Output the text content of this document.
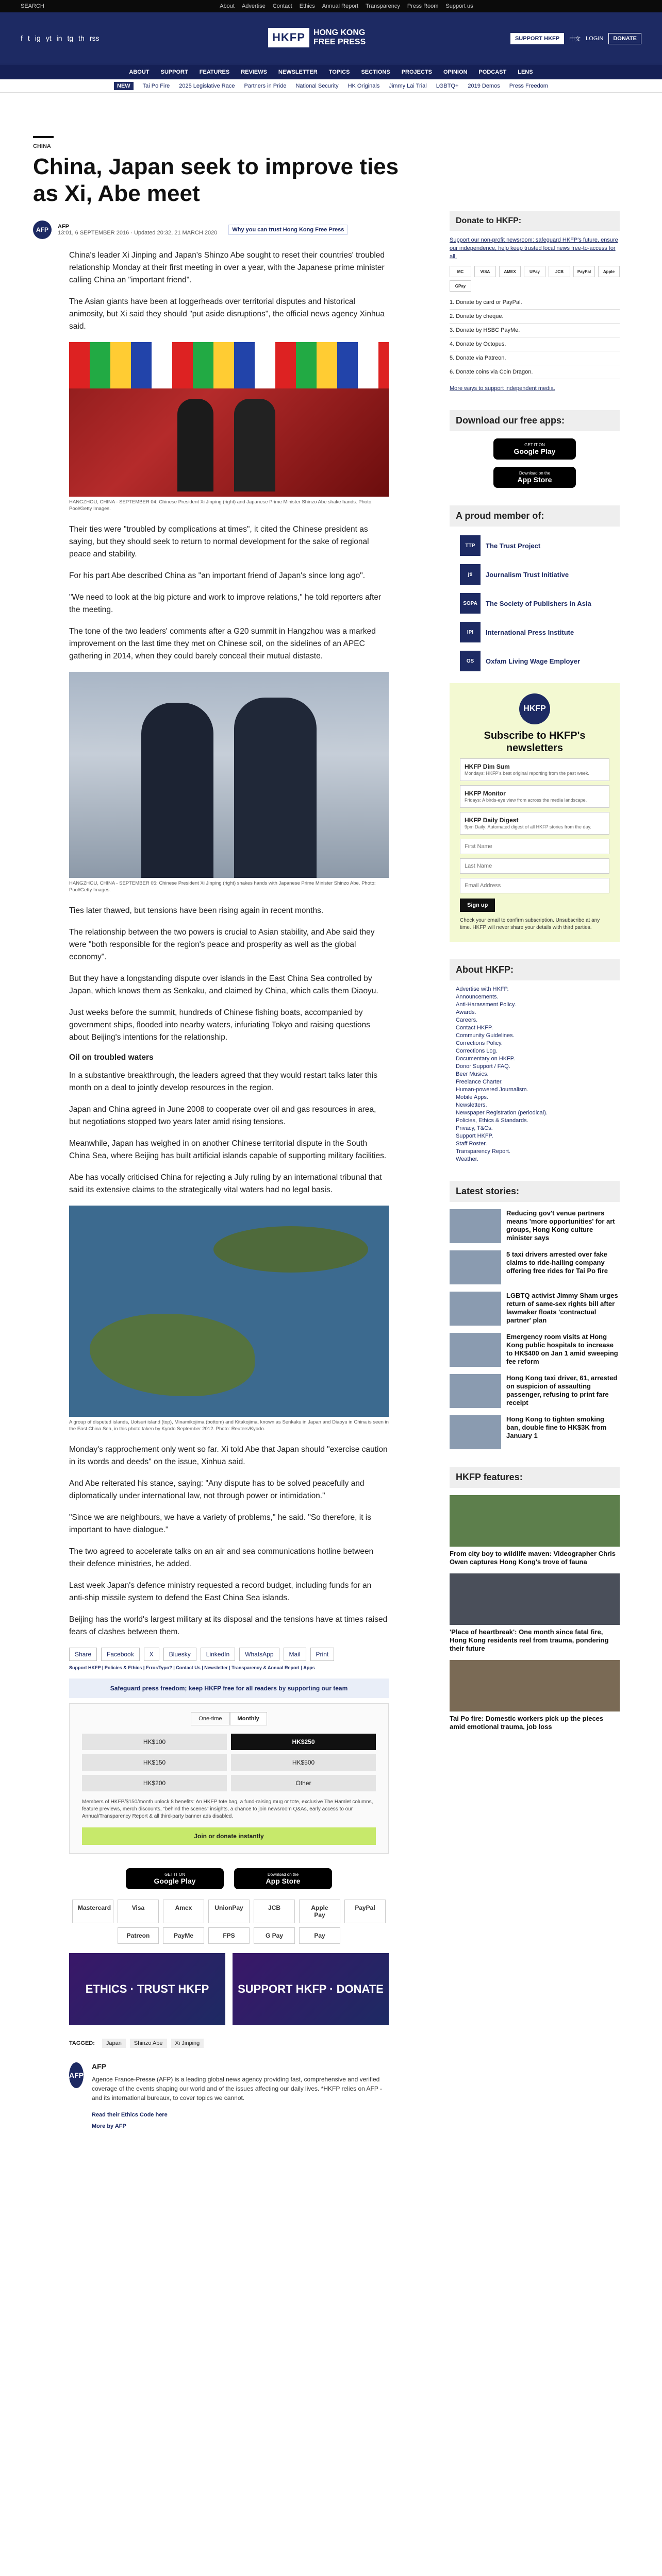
SEARCH	About Advertise Contact Ethics Annual Report Transparency Press Room Support us
f t ig yt in tg th rss	HKFP	HONG KONG
FREE PRESS	SUPPORT HKFP	中文 LOGIN	DONATE
ABOUT SUPPORT FEATURES REVIEWS NEWSLETTER TOPICS SECTIONS PROJECTS OPINION PODCAST LENS
NEW	Tai Po Fire 2025 Legislative Race Partners in Pride National Security HK Originals Jimmy Lai Trial LGBTQ+ 2019 Demos Press Freedom
CHINA
China, Japan seek to improve ties as Xi, Abe meet
AFP	AFP
13:01, 6 SEPTEMBER 2016 · Updated 20:32, 21 MARCH 2020	Why you can trust Hong Kong Free Press

China's leader Xi Jinping and Japan's Shinzo Abe sought to reset their countries' troubled relationship Monday at their first meeting in over a year, with the Japanese prime minister calling China an "important friend".

The Asian giants have been at loggerheads over territorial disputes and historical animosity, but Xi said they should "put aside disruptions", the official news agency Xinhua said.

HANGZHOU, CHINA - SEPTEMBER 04: Chinese President Xi Jinping (right) and Japanese Prime Minister Shinzo Abe shake hands. Photo: Pool/Getty Images.

Their ties were "troubled by complications at times", it cited the Chinese president as saying, but they should seek to return to normal development for the sake of regional peace and stability.

For his part Abe described China as "an important friend of Japan's since long ago".

"We need to look at the big picture and work to improve relations," he told reporters after the meeting.

The tone of the two leaders' comments after a G20 summit in Hangzhou was a marked improvement on the last time they met on Chinese soil, on the sidelines of an APEC gathering in 2014, when they could barely conceal their mutual distaste.

HANGZHOU, CHINA - SEPTEMBER 05: Chinese President Xi Jinping (right) shakes hands with Japanese Prime Minister Shinzo Abe. Photo: Pool/Getty Images.

Ties later thawed, but tensions have been rising again in recent months.

The relationship between the two powers is crucial to Asian stability, and Abe said they were "both responsible for the region's peace and prosperity as well as the global economy".

But they have a longstanding dispute over islands in the East China Sea controlled by Japan, which knows them as Senkaku, and claimed by China, which calls them Diaoyu.

Just weeks before the summit, hundreds of Chinese fishing boats, accompanied by government ships, flooded into nearby waters, infuriating Tokyo and raising questions about Beijing's intentions for the relationship.

Oil on troubled waters

In a substantive breakthrough, the leaders agreed that they would restart talks later this month on a deal to jointly develop resources in the region.

Japan and China agreed in June 2008 to cooperate over oil and gas resources in area, but negotiations stopped two years later amid rising tensions.

Meanwhile, Japan has weighed in on another Chinese territorial dispute in the South China Sea, where Beijing has built artificial islands capable of supporting military facilities.

Abe has vocally criticised China for rejecting a July ruling by an international tribunal that said its extensive claims to the strategically vital waters had no legal basis.

A group of disputed islands, Uotsuri island (top), Minamikojima (bottom) and Kitakojima, known as Senkaku in Japan and Diaoyu in China is seen in the East China Sea, in this photo taken by Kyodo September 2012. Photo: Reuters/Kyodo.

Monday's rapprochement only went so far. Xi told Abe that Japan should "exercise caution in its words and deeds" on the issue, Xinhua said.

And Abe reiterated his stance, saying: "Any dispute has to be solved peacefully and diplomatically under international law, not through power or intimidation."

"Since we are neighbours, we have a variety of problems," he said. "So therefore, it is important to have dialogue."

The two agreed to accelerate talks on an air and sea communications hotline between their defence ministries, he added.

Last week Japan's defence ministry requested a record budget, including funds for an anti-ship missile system to defend the East China Sea islands.

Beijing has the world's largest military at its disposal and the tensions have at times raised fears of clashes between them.

Share	Facebook	X	Bluesky	LinkedIn	WhatsApp	Mail	Print
Support HKFP | Policies & Ethics | Error/Typo? | Contact Us | Newsletter | Transparency & Annual Report | Apps
Safeguard press freedom; keep HKFP free for all readers by supporting our team
One-time	Monthly
HK$100	HK$250
HK$150	HK$500
HK$200	Other
Members of HKFP/$150/month unlock 8 benefits: An HKFP tote bag, a fund-raising mug or tote, exclusive The Hamlet columns, feature previews, merch discounts, "behind the scenes" insights, a chance to join newsroom Q&As, early access to our Annual/Transparency Report & all third-party banner ads disabled.
Join or donate instantly
GET IT ON
Google Play
Download on the
App Store
Mastercard	Visa	Amex	UnionPay	JCB	Apple Pay
PayPal
Patreon	PayMe	FPS	G Pay	Pay
ETHICS · TRUST HKFP	SUPPORT HKFP · DONATE
TAGGED:	Japan	Shinzo Abe	Xi Jinping
AFP
AFP

Agence France-Presse (AFP) is a leading global news agency providing fast, comprehensive and verified coverage of the events shaping our world and of the issues affecting our daily lives. *HKFP relies on AFP - and its international bureaux, to cover topics we cannot.

Read their Ethics Code here
More by AFP
Donate to HKFP:

Support our non-profit newsroom: safeguard HKFP's future, ensure our independence, help keep trusted local news free-to-access for all.

MC	VISA	AMEX	UPay	JCB	PayPal	Apple
GPay
1. Donate by card or PayPal.
2. Donate by cheque.
3. Donate by HSBC PayMe.
4. Donate by Octopus.
5. Donate via Patreon.
6. Donate coins via Coin Dragon.

More ways to support independent media.

Download our free apps:
GET IT ON
Google Play
Download on the
App Store
A proud member of:
TTP	The Trust Project
jti	Journalism Trust Initiative
SOPA	The Society of Publishers in Asia
IPI	International Press Institute
OS	Oxfam Living Wage Employer
HKFP
Subscribe to HKFP's newsletters
HKFP Dim Sum
Mondays: HKFP's best original reporting from the past week.
HKFP Monitor
Fridays: A birds-eye view from across the media landscape.
HKFP Daily Digest
9pm Daily: Automated digest of all HKFP stories from the day.
First Name
Last Name
Email Address
Sign up
Check your email to confirm subscription. Unsubscribe at any time. HKFP will never share your details with third parties.
About HKFP:
Advertise with HKFP.
Announcements.
Anti-Harassment Policy.
Awards.
Careers.
Contact HKFP.
Community Guidelines.
Corrections Policy.
Corrections Log.
Documentary on HKFP.
Donor Support / FAQ.
Beer Musics.
Freelance Charter.
Human-powered Journalism.
Mobile Apps.
Newsletters.
Newspaper Registration (periodical).
Policies, Ethics & Standards.
Privacy, T&Cs.
Support HKFP.
Staff Roster.
Transparency Report.
Weather.
Latest stories:
Reducing gov't venue partners means 'more opportunities' for art groups, Hong Kong culture minister says
5 taxi drivers arrested over fake claims to ride-hailing company offering free rides for Tai Po fire
LGBTQ activist Jimmy Sham urges return of same-sex rights bill after lawmaker floats 'contractual partner' plan
Emergency room visits at Hong Kong public hospitals to increase to HK$400 on Jan 1 amid sweeping fee reform
Hong Kong taxi driver, 61, arrested on suspicion of assaulting passenger, refusing to print fare receipt
Hong Kong to tighten smoking ban, double fine to HK$3K from January 1
HKFP features:
From city boy to wildlife maven: Videographer Chris Owen captures Hong Kong's trove of fauna
'Place of heartbreak': One month since fatal fire, Hong Kong residents reel from trauma, pondering their future
Tai Po fire: Domestic workers pick up the pieces amid emotional trauma, job loss
